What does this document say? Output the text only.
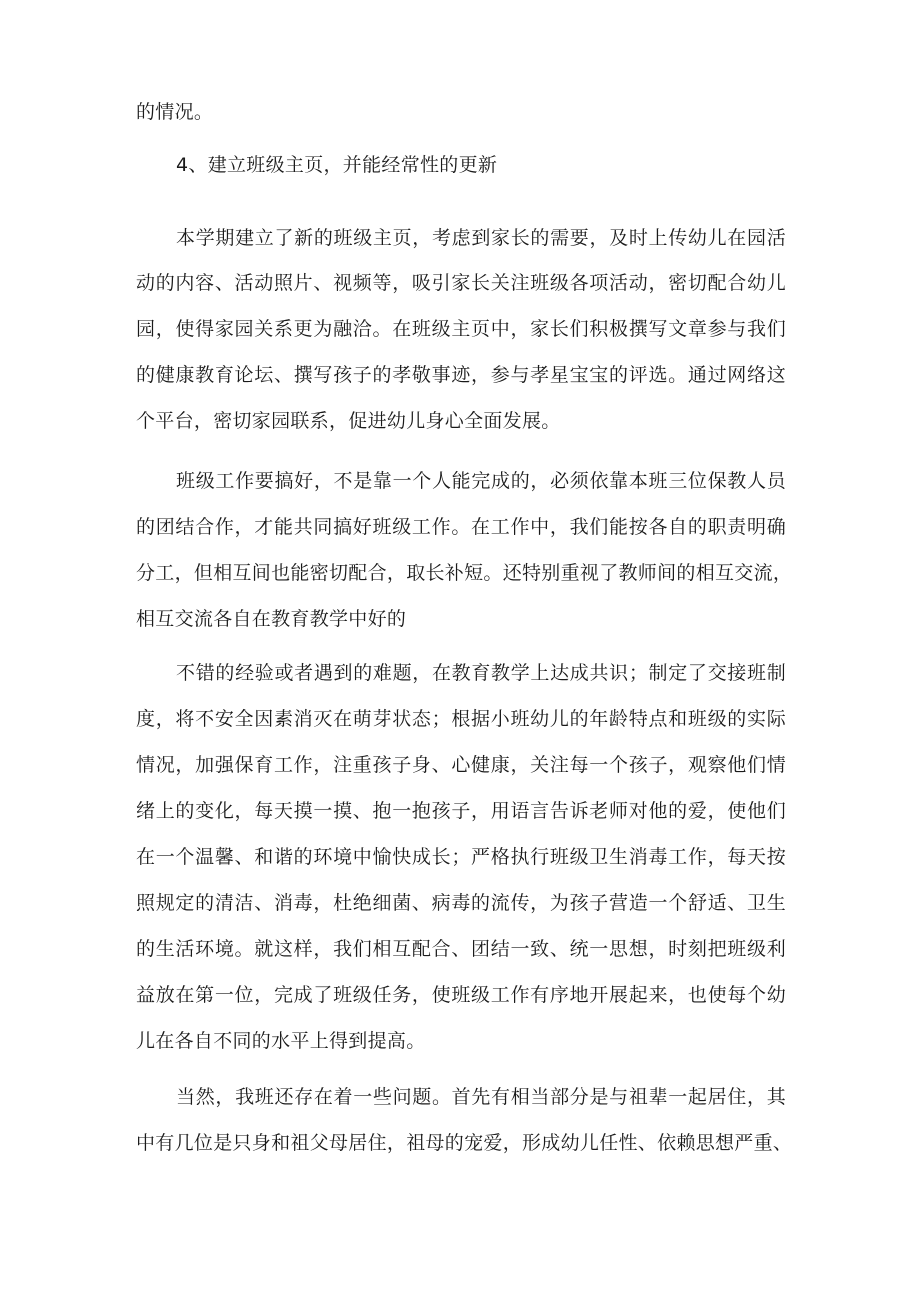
的情况。
4、建立班级主页，并能经常性的更新
本学期建立了新的班级主页，考虑到家长的需要，及时上传幼儿在园活
动的内容、活动照片、视频等，吸引家长关注班级各项活动，密切配合幼儿
园，使得家园关系更为融洽。在班级主页中，家长们积极撰写文章参与我们
的健康教育论坛、撰写孩子的孝敬事迹，参与孝星宝宝的评选。通过网络这
个平台，密切家园联系，促进幼儿身心全面发展。
班级工作要搞好，不是靠一个人能完成的，必须依靠本班三位保教人员
的团结合作，才能共同搞好班级工作。在工作中，我们能按各自的职责明确
分工，但相互间也能密切配合，取长补短。还特别重视了教师间的相互交流，
相互交流各自在教育教学中好的
不错的经验或者遇到的难题，在教育教学上达成共识；制定了交接班制
度，将不安全因素消灭在萌芽状态；根据小班幼儿的年龄特点和班级的实际
情况，加强保育工作，注重孩子身、心健康，关注每一个孩子，观察他们情
绪上的变化，每天摸一摸、抱一抱孩子，用语言告诉老师对他的爱，使他们
在一个温馨、和谐的环境中愉快成长；严格执行班级卫生消毒工作，每天按
照规定的清洁、消毒，杜绝细菌、病毒的流传，为孩子营造一个舒适、卫生
的生活环境。就这样，我们相互配合、团结一致、统一思想，时刻把班级利
益放在第一位，完成了班级任务，使班级工作有序地开展起来，也使每个幼
儿在各自不同的水平上得到提高。
当然，我班还存在着一些问题。首先有相当部分是与祖辈一起居住，其
中有几位是只身和祖父母居住，祖母的宠爱，形成幼儿任性、依赖思想严重、
